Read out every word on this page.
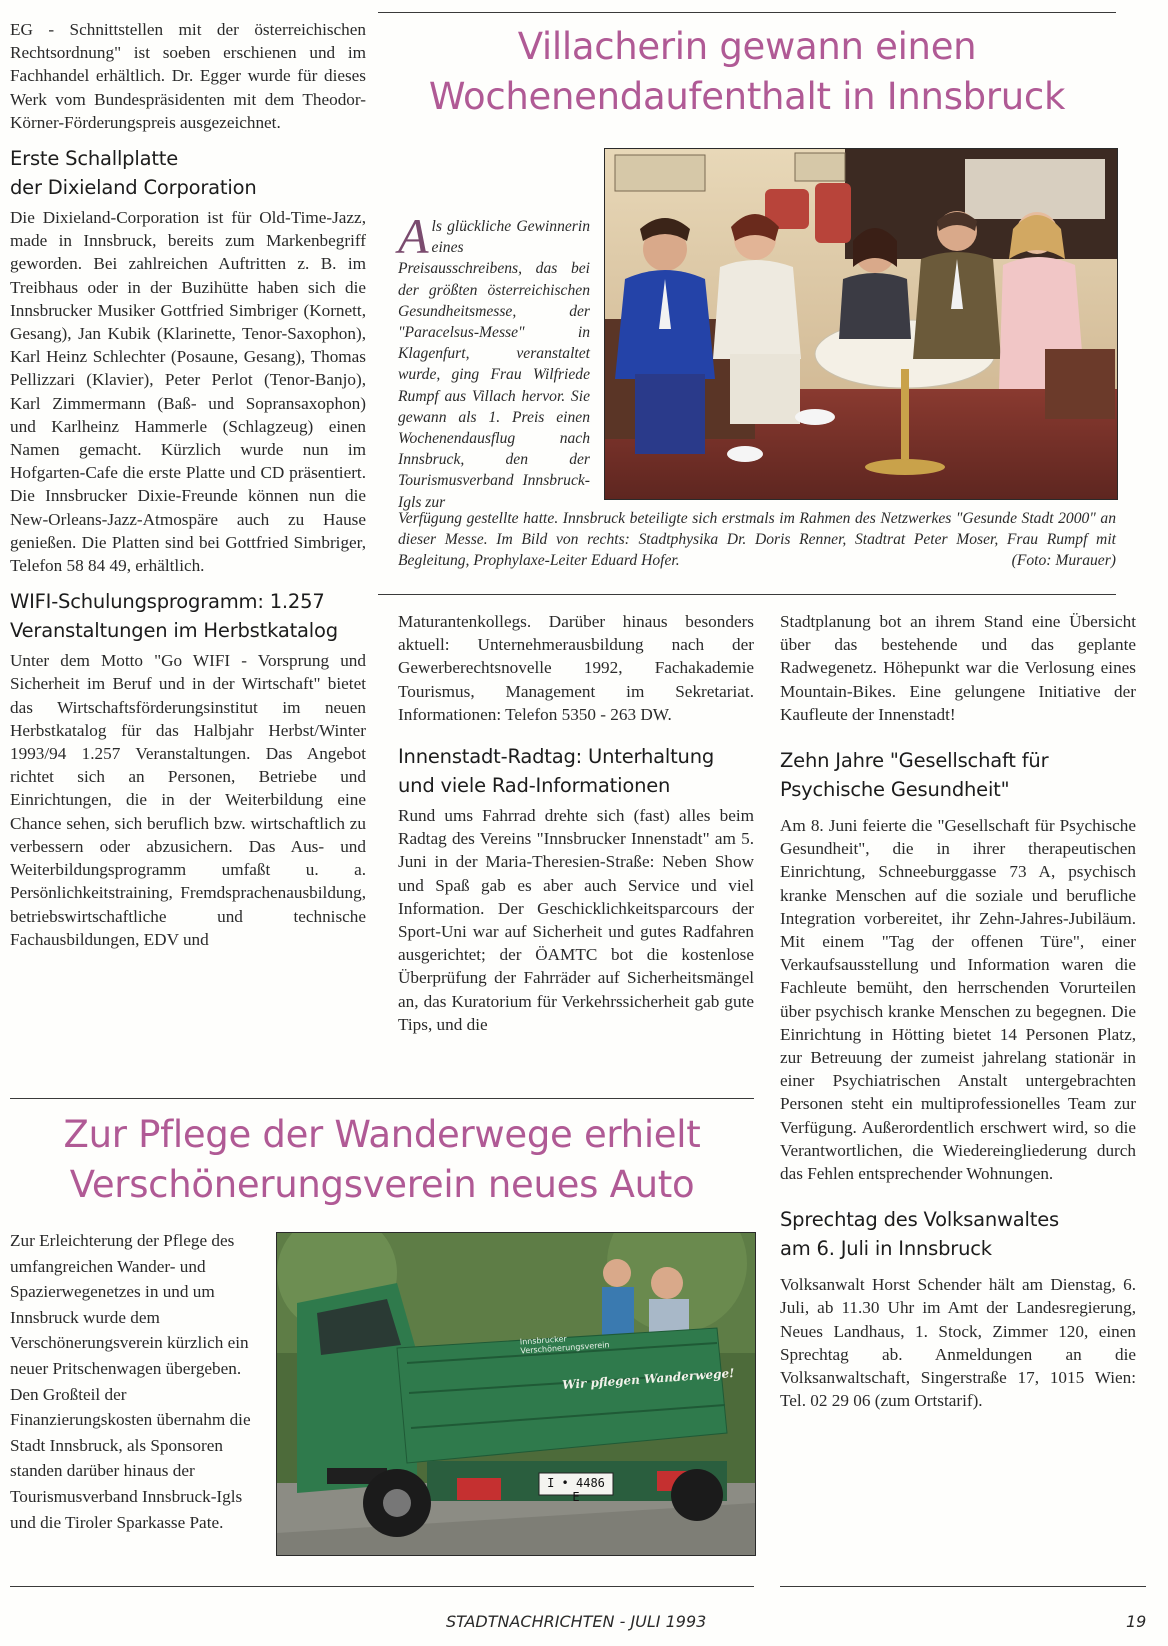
EG - Schnittstellen mit der österreichischen Rechtsordnung" ist soeben erschienen und im Fachhandel erhältlich. Dr. Egger wurde für dieses Werk vom Bundespräsidenten mit dem Theodor-Körner-Förderungspreis ausgezeichnet.

Erste Schallplatte
der Dixieland Corporation

Die Dixieland-Corporation ist für Old-Time-Jazz, made in Innsbruck, bereits zum Markenbegriff geworden. Bei zahlreichen Auftritten z. B. im Treibhaus oder in der Buzihütte haben sich die Innsbrucker Musiker Gottfried Simbriger (Kornett, Gesang), Jan Kubik (Klarinette, Tenor-Saxophon), Karl Heinz Schlechter (Posaune, Gesang), Thomas Pellizzari (Klavier), Peter Perlot (Tenor-Banjo), Karl Zimmermann (Baß- und Sopransaxophon) und Karlheinz Hammerle (Schlagzeug) einen Namen gemacht. Kürzlich wurde nun im Hofgarten-Cafe die erste Platte und CD präsentiert. Die Innsbrucker Dixie-Freunde können nun die New-Orleans-Jazz-Atmospäre auch zu Hause genießen. Die Platten sind bei Gottfried Simbriger, Telefon 58 84 49, erhältlich.

WIFI-Schulungsprogramm: 1.257
Veranstaltungen im Herbstkatalog

Unter dem Motto "Go WIFI - Vorsprung und Sicherheit im Beruf und in der Wirtschaft" bietet das Wirtschaftsförderungsinstitut im neuen Herbstkatalog für das Halbjahr Herbst/Winter 1993/94 1.257 Veranstaltungen. Das Angebot richtet sich an Personen, Betriebe und Einrichtungen, die in der Weiterbildung eine Chance sehen, sich beruflich bzw. wirtschaftlich zu verbessern oder abzusichern. Das Aus- und Weiterbildungsprogramm umfaßt u. a. Persönlichkeitstraining, Fremdsprachenausbildung, betriebswirtschaftliche und technische Fachausbildungen, EDV und

Villacherin gewann einen
Wochenendaufenthalt in Innsbruck
Als glückliche Gewinnerin eines Preisausschreibens, das bei der größten österreichischen Gesundheitsmesse, der "Paracelsus-Messe" in Klagenfurt, veranstaltet wurde, ging Frau Wilfriede Rumpf aus Villach hervor. Sie gewann als 1. Preis einen Wochenendausflug nach Innsbruck, den der Tourismusverband Innsbruck-Igls zur
Verfügung gestellte hatte. Innsbruck beteiligte sich erstmals im Rahmen des Netzwerkes "Gesunde Stadt 2000" an dieser Messe. Im Bild von rechts: Stadtphysika Dr. Doris Renner, Stadtrat Peter Moser, Frau Rumpf mit Begleitung, Prophylaxe-Leiter Eduard Hofer.	(Foto: Murauer)

Maturantenkollegs. Darüber hinaus besonders aktuell: Unternehmerausbildung nach der Gewerberechtsnovelle 1992, Fachakademie Tourismus, Management im Sekretariat. Informationen: Telefon 5350 - 263 DW.

Innenstadt-Radtag: Unterhaltung
und viele Rad-Informationen

Rund ums Fahrrad drehte sich (fast) alles beim Radtag des Vereins "Innsbrucker Innenstadt" am 5. Juni in der Maria-Theresien-Straße: Neben Show und Spaß gab es aber auch Service und viel Information. Der Geschicklichkeitsparcours der Sport-Uni war auf Sicherheit und gutes Radfahren ausgerichtet; der ÖAMTC bot die kostenlose Überprüfung der Fahrräder auf Sicherheitsmängel an, das Kuratorium für Verkehrssicherheit gab gute Tips, und die

Stadtplanung bot an ihrem Stand eine Übersicht über das bestehende und das geplante Radwegenetz. Höhepunkt war die Verlosung eines Mountain-Bikes. Eine gelungene Initiative der Kaufleute der Innenstadt!

Zehn Jahre "Gesellschaft für
Psychische Gesundheit"

Am 8. Juni feierte die "Gesellschaft für Psychische Gesundheit", die in ihrer therapeutischen Einrichtung, Schneeburggasse 73 A, psychisch kranke Menschen auf die soziale und berufliche Integration vorbereitet, ihr Zehn-Jahres-Jubiläum. Mit einem "Tag der offenen Türe", einer Verkaufsausstellung und Information waren die Fachleute bemüht, den herrschenden Vorurteilen über psychisch kranke Menschen zu begegnen. Die Einrichtung in Hötting bietet 14 Personen Platz, zur Betreuung der zumeist jahrelang stationär in einer Psychiatrischen Anstalt untergebrachten Personen steht ein multiprofessionelles Team zur Verfügung. Außerordentlich erschwert wird, so die Verantwortlichen, die Wiedereingliederung durch das Fehlen entsprechender Wohnungen.

Sprechtag des Volksanwaltes
am 6. Juli in Innsbruck

Volksanwalt Horst Schender hält am Dienstag, 6. Juli, ab 11.30 Uhr im Amt der Landesregierung, Neues Landhaus, 1. Stock, Zimmer 120, einen Sprechtag ab. Anmeldungen an die Volksanwaltschaft, Singerstraße 17, 1015 Wien: Tel. 02 29 06 (zum Ortstarif).

Zur Pflege der Wanderwege erhielt
Verschönerungsverein neues Auto

Zur Erleichterung der Pflege des umfangreichen Wander- und Spazierwegenetzes in und um Innsbruck wurde dem Verschönerungsverein kürzlich ein neuer Pritschenwagen übergeben. Den Großteil der Finanzierungskosten übernahm die Stadt Innsbruck, als Sponsoren standen darüber hinaus der Tourismusverband Innsbruck-Igls und die Tiroler Sparkasse Pate.

Innsbrucker Verschönerungsverein
Wir pflegen Wanderwege!
I • 4486 E
STADTNACHRICHTEN - JULI 1993	19
